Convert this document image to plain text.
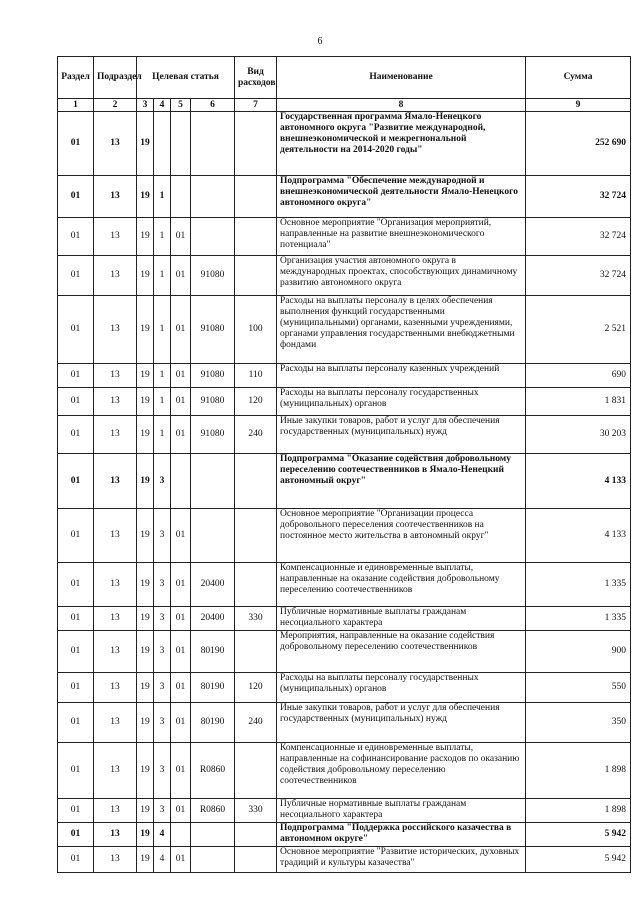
6
Раздел	Подраздел	Целевая статья				Вид расходов	Наименование	Сумма
1	2	3	4	5	6	7	8	9
01	13	19					Государственная программа Ямало-Ненецкого автономного округа "Развитие международной, внешнеэкономической и межрегиональной деятельности на 2014-2020 годы"	252 690
01	13	19	1				Подпрограмма "Обеспечение международной и внешнеэкономической деятельности Ямало-Ненецкого автономного округа"	32 724
01	13	19	1	01			Основное мероприятие "Организация мероприятий, направленные на развитие внешнеэкономического потенциала"	32 724
01	13	19	1	01	91080		Организация участия автономного округа в международных проектах, способствующих динамичному развитию автономного округа	32 724
01	13	19	1	01	91080	100	Расходы на выплаты персоналу в целях обеспечения выполнения функций государственными (муниципальными) органами, казенными учреждениями, органами управления государственными внебюджетными фондами	2 521
01	13	19	1	01	91080	110	Расходы на выплаты персоналу казенных учреждений	690
01	13	19	1	01	91080	120	Расходы на выплаты персоналу государственных (муниципальных) органов	1 831
01	13	19	1	01	91080	240	Иные закупки товаров, работ и услуг для обеспечения государственных (муниципальных) нужд	30 203
01	13	19	3				Подпрограмма "Оказание содействия добровольному переселению соотечественников в Ямало-Ненецкий автономный округ"	4 133
01	13	19	3	01			Основное мероприятие "Организации процесса добровольного переселения соотечественников на постоянное место жительства в автономный округ"	4 133
01	13	19	3	01	20400		Компенсационные и единовременные выплаты, направленные на оказание содействия добровольному переселению соотечественников	1 335
01	13	19	3	01	20400	330	Публичные нормативные выплаты гражданам несоциального характера	1 335
01	13	19	3	01	80190		Мероприятия, направленные на оказание содействия добровольному переселению соотечественников	900
01	13	19	3	01	80190	120	Расходы на выплаты персоналу государственных (муниципальных) органов	550
01	13	19	3	01	80190	240	Иные закупки товаров, работ и услуг для обеспечения государственных (муниципальных) нужд	350
01	13	19	3	01	R0860		Компенсационные и единовременные выплаты, направленные на софинансирование расходов по оказанию содействия добровольному переселению соотечественников	1 898
01	13	19	3	01	R0860	330	Публичные нормативные выплаты гражданам несоциального характера	1 898
01	13	19	4				Подпрограмма "Поддержка российского казачества в автономном округе"	5 942
01	13	19	4	01			Основное мероприятие "Развитие исторических, духовных традиций и культуры казачества"	5 942
